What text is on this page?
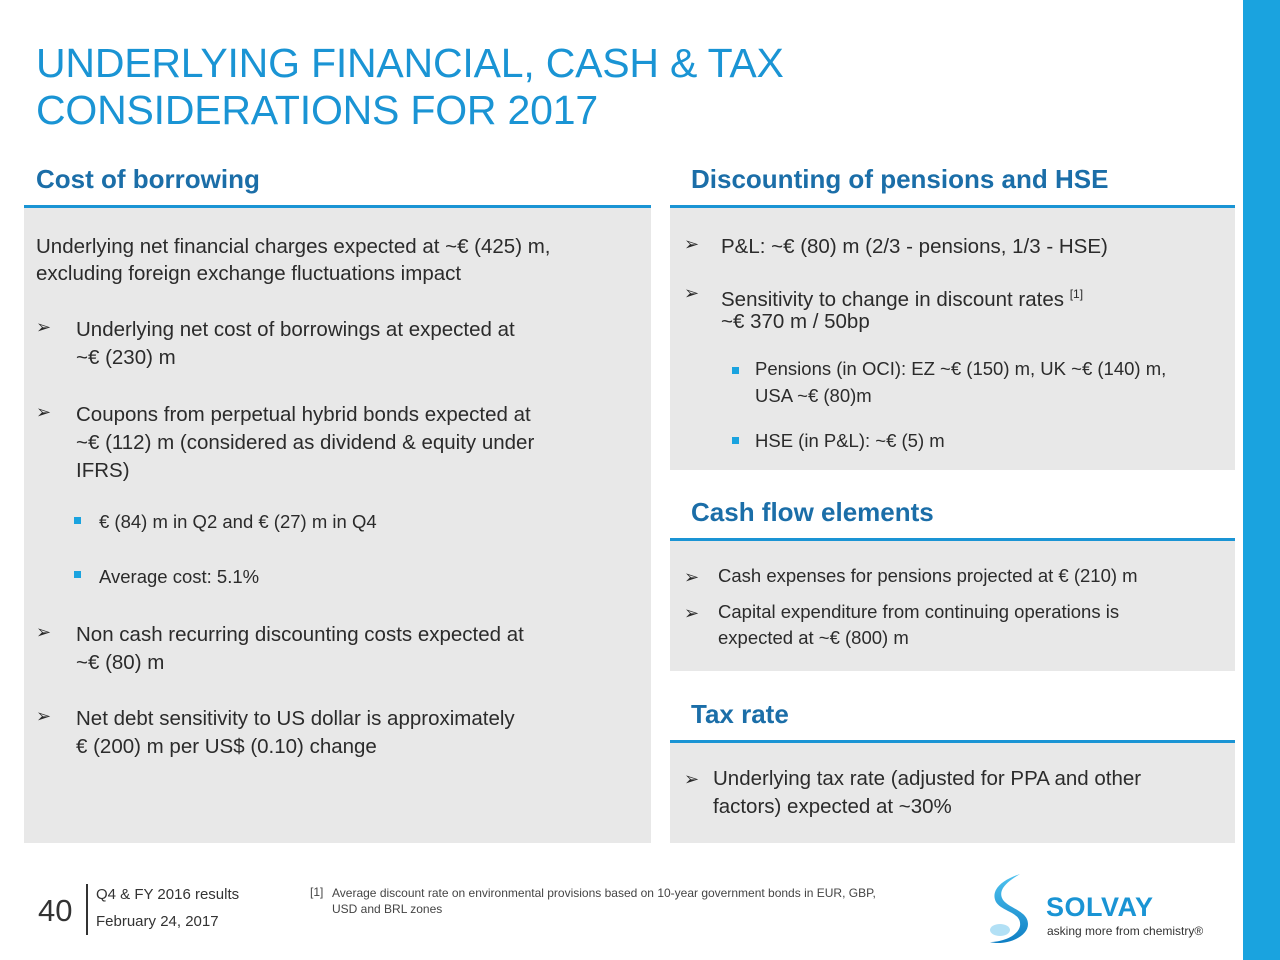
UNDERLYING FINANCIAL, CASH & TAX
CONSIDERATIONS FOR 2017
Cost of borrowing
Underlying net financial charges expected at ~€ (425) m,
excluding foreign exchange fluctuations impact
➢ Underlying net cost of borrowings at expected at
~€ (230) m
➢ Coupons from perpetual hybrid bonds expected at
~€ (112) m (considered as dividend & equity under
IFRS)
€ (84) m in Q2 and € (27) m in Q4
Average cost: 5.1%
➢ Non cash recurring discounting costs expected at
~€ (80) m
➢ Net debt sensitivity to US dollar is approximately
€ (200) m per US$ (0.10) change
Discounting of pensions and HSE
➢ P&L: ~€ (80) m (2/3 - pensions, 1/3 - HSE)
➢ Sensitivity to change in discount rates [1]
~€ 370 m / 50bp
Pensions (in OCI): EZ ~€ (150) m, UK ~€ (140) m,
USA ~€ (80)m
HSE (in P&L): ~€ (5) m
Cash flow elements
➢ Cash expenses for pensions projected at € (210) m
➢ Capital expenditure from continuing operations is
expected at ~€ (800) m
Tax rate
➢ Underlying tax rate (adjusted for PPA and other
factors) expected at ~30%
40 Q4 & FY 2016 results
February 24, 2017
[1] Average discount rate on environmental provisions based on 10-year government bonds in EUR, GBP,
USD and BRL zones	SOLVAY
asking more from chemistry®
